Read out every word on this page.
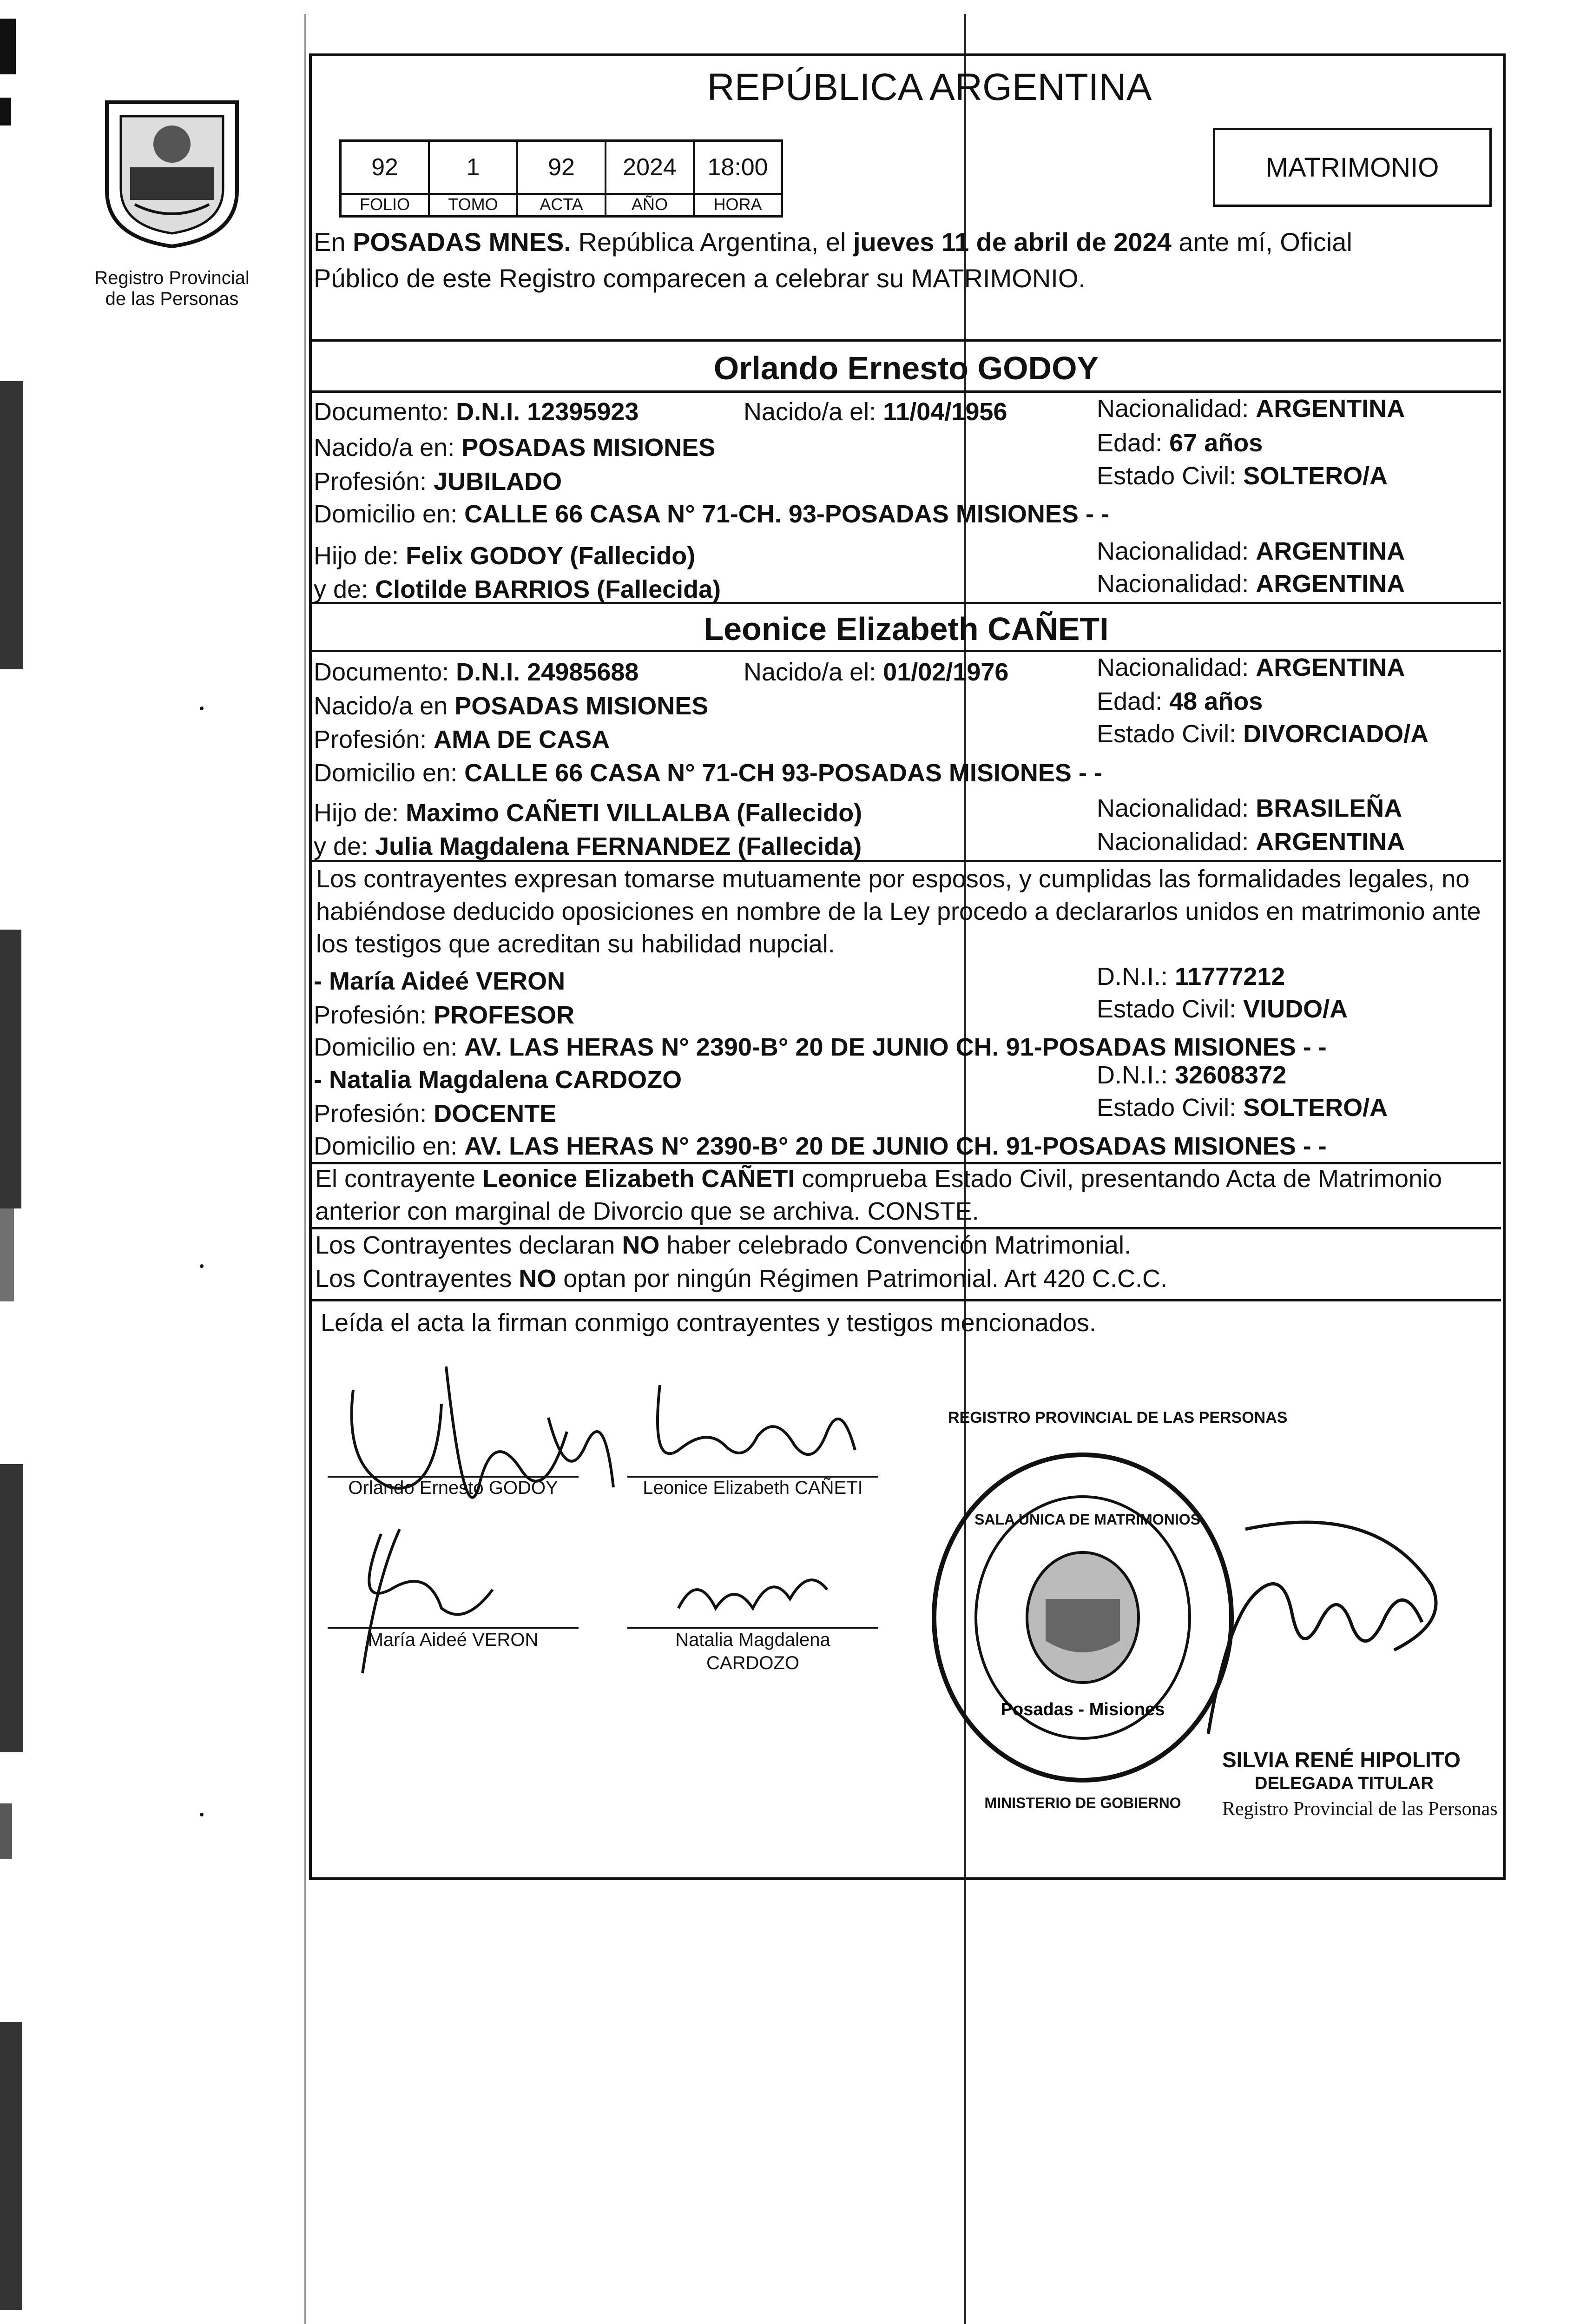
Registro Provincial
de las Personas
REPÚBLICA ARGENTINA
MATRIMONIO
92	1	92	2024	18:00
FOLIO	TOMO	ACTA	AÑO	HORA
En POSADAS MNES. República Argentina, el jueves 11 de abril de 2024 ante mí, Oficial
Público de este Registro comparecen a celebrar su MATRIMONIO.
Orlando Ernesto GODOY
Documento: D.N.I. 12395923	Nacido/a el: 11/04/1956	Nacionalidad: ARGENTINA
Nacido/a en: POSADAS MISIONES	Edad: 67 años
Profesión: JUBILADO	Estado Civil: SOLTERO/A
Domicilio en: CALLE 66 CASA N° 71-CH. 93-POSADAS MISIONES - -
Hijo de: Felix GODOY (Fallecido)	Nacionalidad: ARGENTINA
y de: Clotilde BARRIOS (Fallecida)	Nacionalidad: ARGENTINA
Leonice Elizabeth CAÑETI
Documento: D.N.I. 24985688	Nacido/a el: 01/02/1976	Nacionalidad: ARGENTINA
Nacido/a en POSADAS MISIONES	Edad: 48 años
Profesión: AMA DE CASA	Estado Civil: DIVORCIADO/A
Domicilio en: CALLE 66 CASA N° 71-CH 93-POSADAS MISIONES - -
Hijo de: Maximo CAÑETI VILLALBA (Fallecido)	Nacionalidad: BRASILEÑA
y de: Julia Magdalena FERNANDEZ (Fallecida)	Nacionalidad: ARGENTINA
Los contrayentes expresan tomarse mutuamente por esposos, y cumplidas las formalidades legales, no
habiéndose deducido oposiciones en nombre de la Ley procedo a declararlos unidos en matrimonio ante
los testigos que acreditan su habilidad nupcial.
- María Aideé VERON	D.N.I.: 11777212
Profesión: PROFESOR	Estado Civil: VIUDO/A
Domicilio en: AV. LAS HERAS N° 2390-B° 20 DE JUNIO CH. 91-POSADAS MISIONES - -
- Natalia Magdalena CARDOZO	D.N.I.: 32608372
Profesión: DOCENTE	Estado Civil: SOLTERO/A
Domicilio en: AV. LAS HERAS N° 2390-B° 20 DE JUNIO CH. 91-POSADAS MISIONES - -
El contrayente Leonice Elizabeth CAÑETI comprueba Estado Civil, presentando Acta de Matrimonio
anterior con marginal de Divorcio que se archiva. CONSTE.
Los Contrayentes declaran NO haber celebrado Convención Matrimonial.
Los Contrayentes NO optan por ningún Régimen Patrimonial. Art 420 C.C.C.
Leída el acta la firman conmigo contrayentes y testigos mencionados.
Orlando Ernesto GODOY	Leonice Elizabeth CAÑETI
María Aideé VERON	Natalia Magdalena
CARDOZO
Posadas - Misiones
REGISTRO PROVINCIAL DE LAS PERSONAS
SALA UNICA DE MATRIMONIOS
MINISTERIO DE GOBIERNO
SILVIA RENÉ HIPOLITO
DELEGADA TITULAR
Registro Provincial de las Personas
